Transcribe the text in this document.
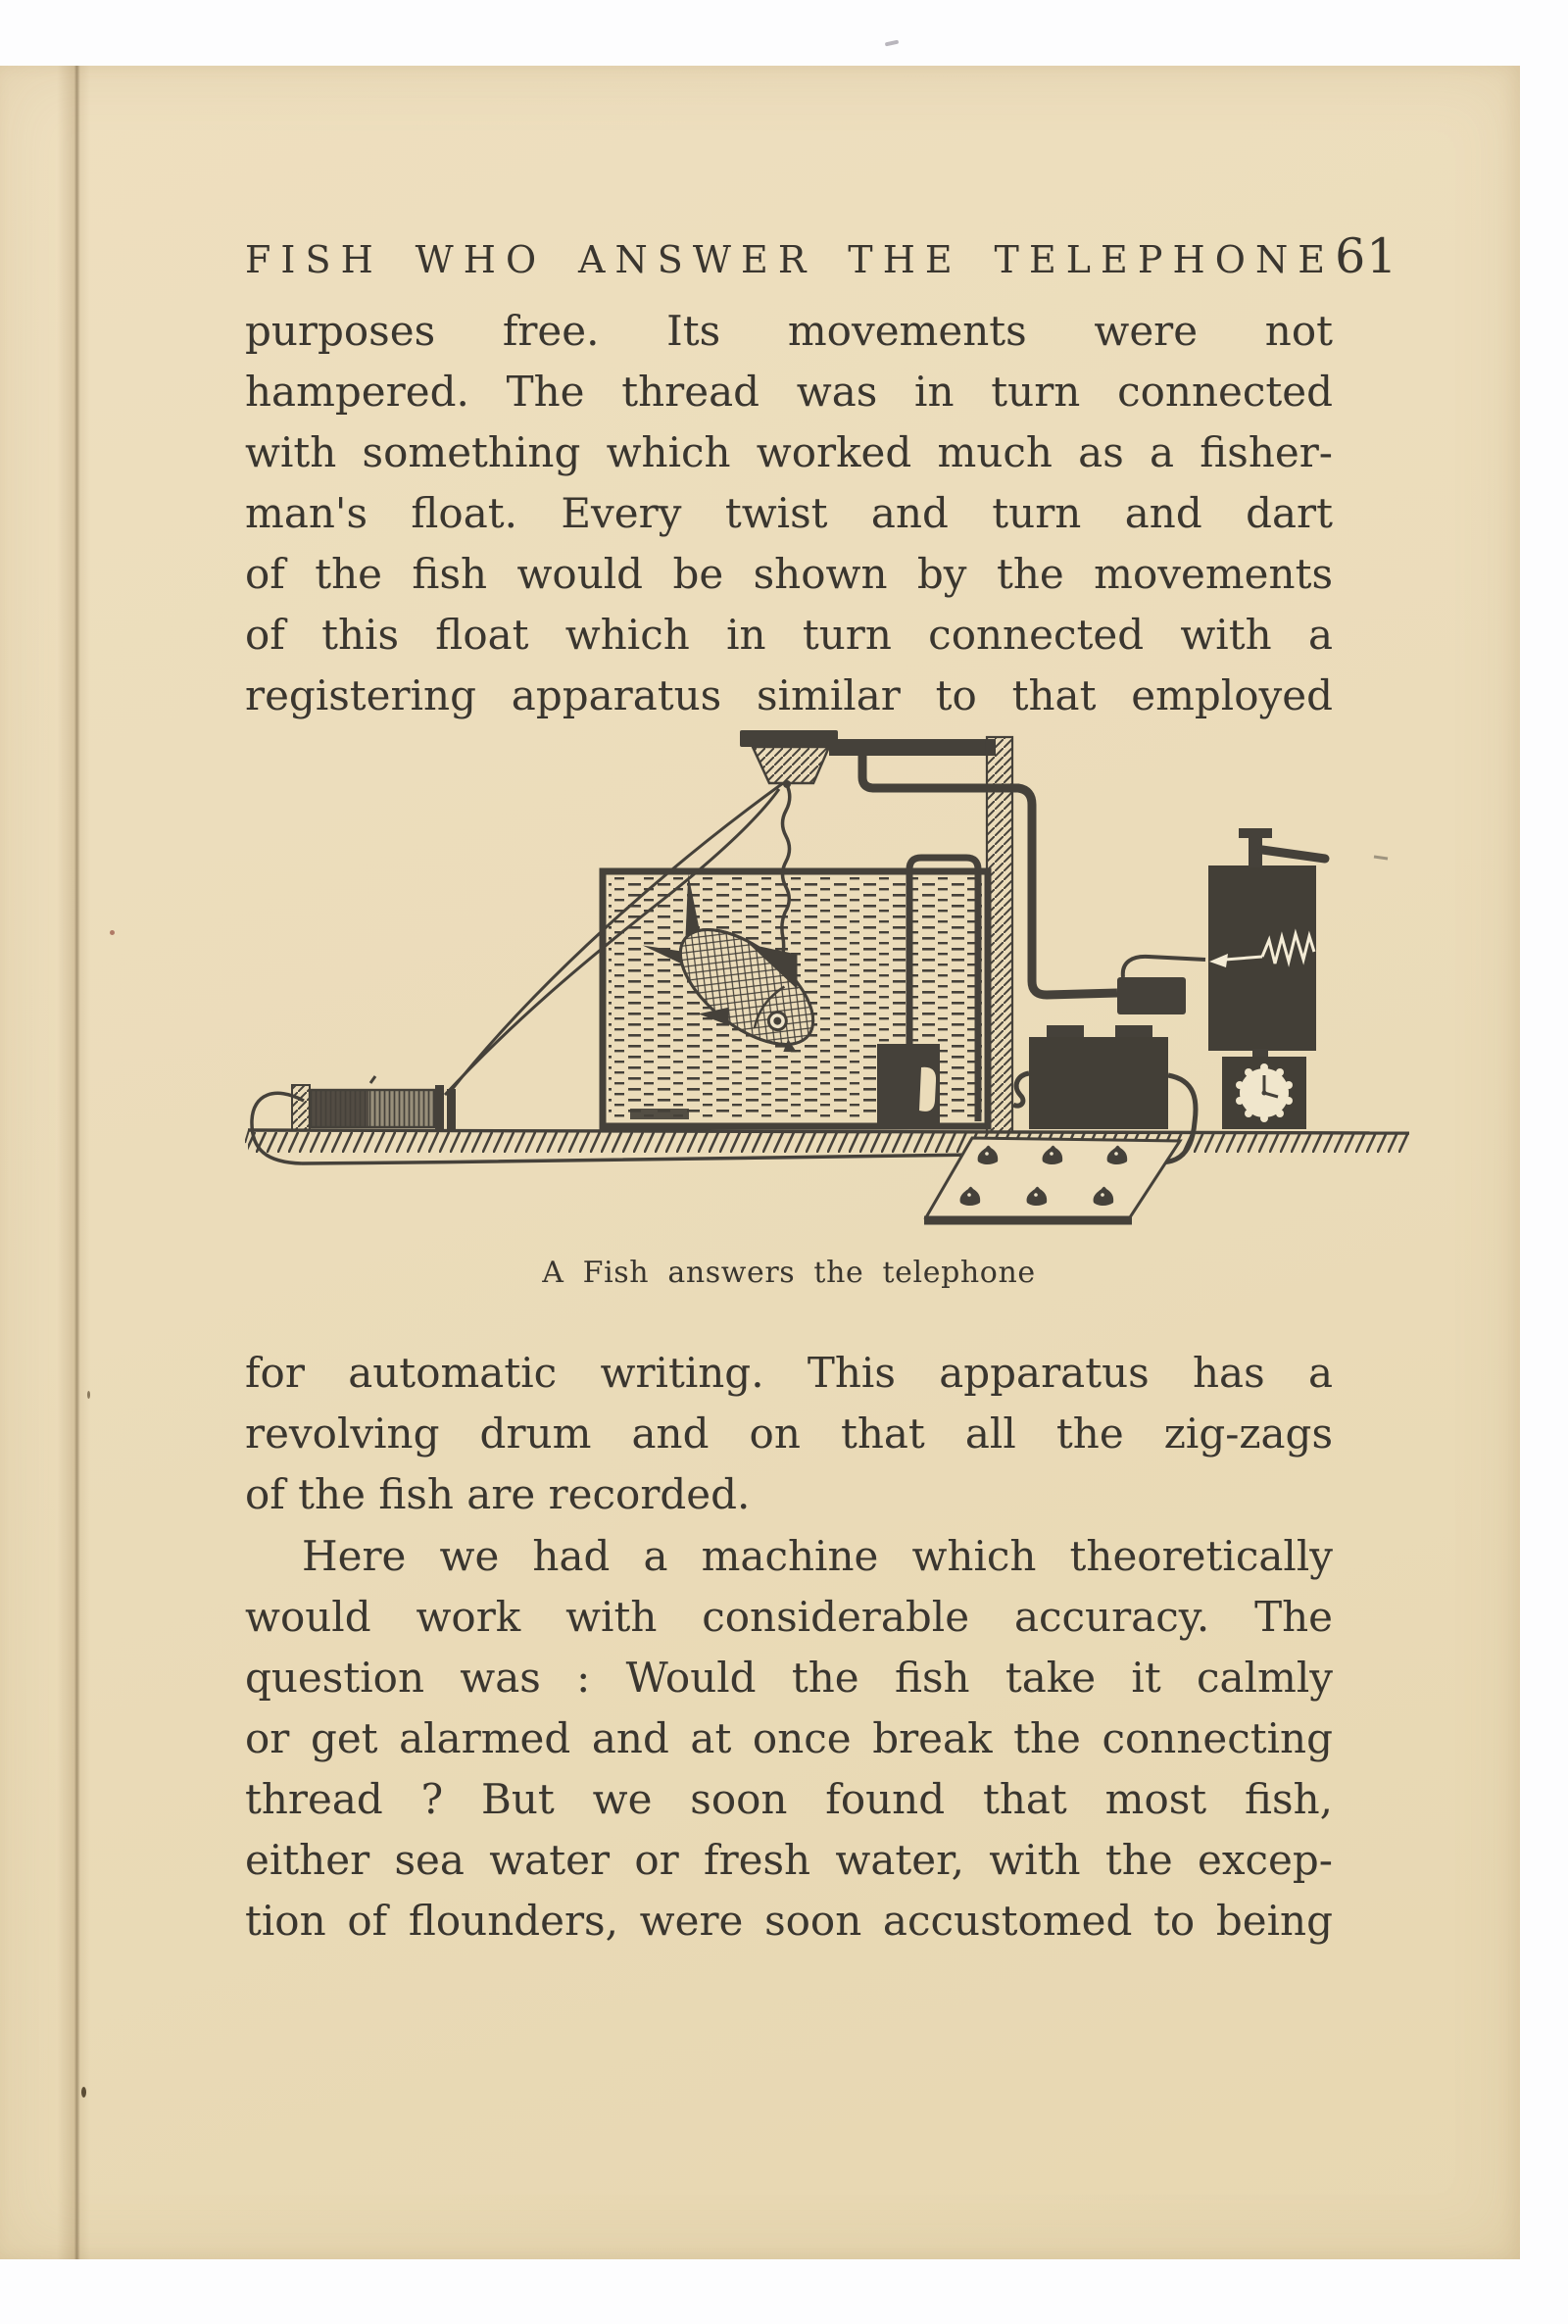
FISH WHO ANSWER THE TELEPHONE 61
purposes free. Its movements were not
hampered. The thread was in turn connected
with something which worked much as a fisher-
man's float. Every twist and turn and dart
of the fish would be shown by the movements
of this float which in turn connected with a
registering apparatus similar to that employed
A Fish answers the telephone
for automatic writing. This apparatus has a
revolving drum and on that all the zig-zags
of the fish are recorded.
Here we had a machine which theoretically
would work with considerable accuracy. The
question was : Would the fish take it calmly
or get alarmed and at once break the connecting
thread ? But we soon found that most fish,
either sea water or fresh water, with the excep-
tion of flounders, were soon accustomed to being
